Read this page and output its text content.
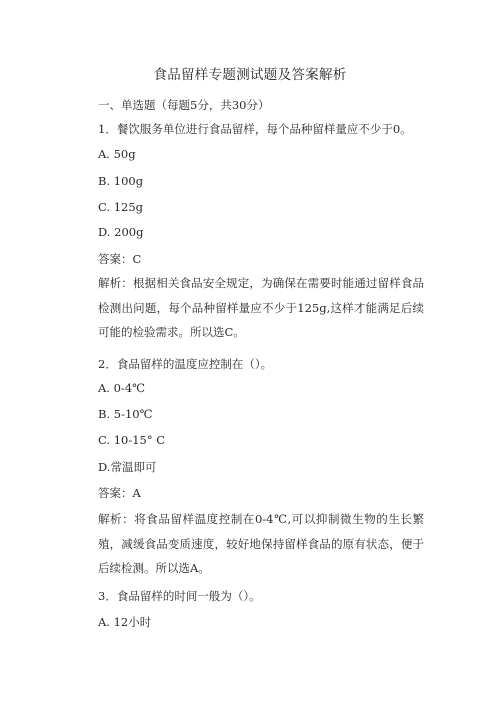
食品留样专题测试题及答案解析
一、单选题（每题5分，共30分）
1．餐饮服务单位进行食品留样，每个品种留样量应不少于0。
A. 50g
B. 100g
C. 125g
D. 200g
答案：C
解析：根据相关食品安全规定，为确保在需要时能通过留样食品检测出问题，每个品种留样量应不少于125g,这样才能满足后续可能的检验需求。所以选C。
2．食品留样的温度应控制在（）。
A. 0-4℃
B. 5-10℃
C. 10-15° C
D.常温即可
答案：A
解析：将食品留样温度控制在0-4℃,可以抑制微生物的生长繁殖，减缓食品变质速度，较好地保持留样食品的原有状态，便于后续检测。所以选A。
3．食品留样的时间一般为（）。
A. 12小时
